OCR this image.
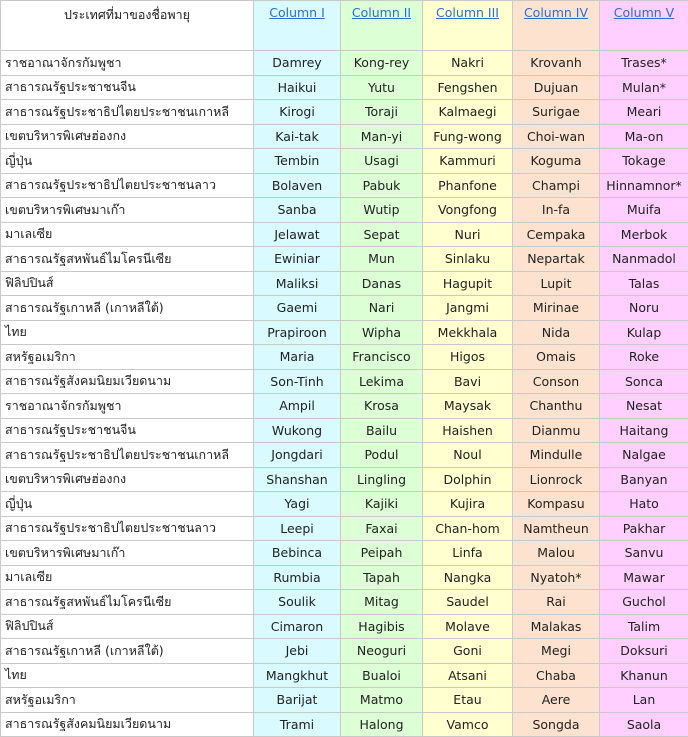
ประเทศที่มาของชื่อพายุ	Column I	Column II	Column III	Column IV	Column V
ราชอาณาจักรกัมพูชา	Damrey	Kong-rey	Nakri	Krovanh	Trases*
สาธารณรัฐประชาชนจีน	Haikui	Yutu	Fengshen	Dujuan	Mulan*
สาธารณรัฐประชาธิปไตยประชาชนเกาหลี	Kirogi	Toraji	Kalmaegi	Surigae	Meari
เขตบริหารพิเศษฮ่องกง	Kai-tak	Man-yi	Fung-wong	Choi-wan	Ma-on
ญี่ปุ่น	Tembin	Usagi	Kammuri	Koguma	Tokage
สาธารณรัฐประชาธิปไตยประชาชนลาว	Bolaven	Pabuk	Phanfone	Champi	Hinnamnor*
เขตบริหารพิเศษมาเก๊า	Sanba	Wutip	Vongfong	In-fa	Muifa
มาเลเซีย	Jelawat	Sepat	Nuri	Cempaka	Merbok
สาธารณรัฐสหพันธ์ไมโครนีเซีย	Ewiniar	Mun	Sinlaku	Nepartak	Nanmadol
ฟิลิปปินส์	Maliksi	Danas	Hagupit	Lupit	Talas
สาธารณรัฐเกาหลี (เกาหลีใต้)	Gaemi	Nari	Jangmi	Mirinae	Noru
ไทย	Prapiroon	Wipha	Mekkhala	Nida	Kulap
สหรัฐอเมริกา	Maria	Francisco	Higos	Omais	Roke
สาธารณรัฐสังคมนิยมเวียดนาม	Son-Tinh	Lekima	Bavi	Conson	Sonca
ราชอาณาจักรกัมพูชา	Ampil	Krosa	Maysak	Chanthu	Nesat
สาธารณรัฐประชาชนจีน	Wukong	Bailu	Haishen	Dianmu	Haitang
สาธารณรัฐประชาธิปไตยประชาชนเกาหลี	Jongdari	Podul	Noul	Mindulle	Nalgae
เขตบริหารพิเศษฮ่องกง	Shanshan	Lingling	Dolphin	Lionrock	Banyan
ญี่ปุ่น	Yagi	Kajiki	Kujira	Kompasu	Hato
สาธารณรัฐประชาธิปไตยประชาชนลาว	Leepi	Faxai	Chan-hom	Namtheun	Pakhar
เขตบริหารพิเศษมาเก๊า	Bebinca	Peipah	Linfa	Malou	Sanvu
มาเลเซีย	Rumbia	Tapah	Nangka	Nyatoh*	Mawar
สาธารณรัฐสหพันธ์ไมโครนีเซีย	Soulik	Mitag	Saudel	Rai	Guchol
ฟิลิปปินส์	Cimaron	Hagibis	Molave	Malakas	Talim
สาธารณรัฐเกาหลี (เกาหลีใต้)	Jebi	Neoguri	Goni	Megi	Doksuri
ไทย	Mangkhut	Bualoi	Atsani	Chaba	Khanun
สหรัฐอเมริกา	Barijat	Matmo	Etau	Aere	Lan
สาธารณรัฐสังคมนิยมเวียดนาม	Trami	Halong	Vamco	Songda	Saola
